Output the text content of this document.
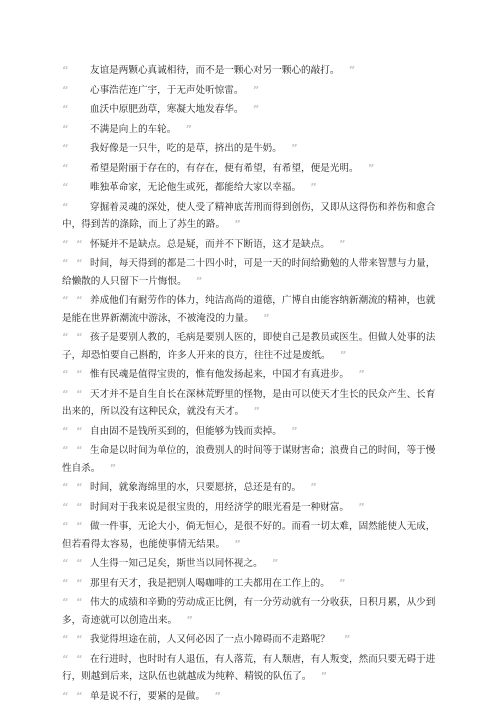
“ 友谊是两颗心真诚相待，而不是一颗心对另一颗心的敲打。 ”
“ 心事浩茫连广宇，于无声处听惊雷。 ”
“ 血沃中原肥劲草，寒凝大地发春华。 ”
“ 不满是向上的车轮。 ”
“ 我好像是一只牛，吃的是草，挤出的是牛奶。 ”
“ 希望是附丽于存在的，有存在，便有希望，有希望，便是光明。 ”
“ 唯独革命家，无论他生或死，都能给大家以幸福。 ”
“ 穿掘着灵魂的深处，使人受了精神底苦刑而得到创伤，又即从这得伤和养伤和愈合中，得到苦的涤除，而上了苏生的路。 ”
“ “ 怀疑并不是缺点。总是疑，而并不下断语，这才是缺点。 ”
“ “ 时间，每天得到的都是二十四小时，可是一天的时间给勤勉的人带来智慧与力量，给懒散的人只留下一片悔恨。 ”
“ “ 养成他们有耐劳作的体力，纯洁高尚的道德，广博自由能容纳新潮流的精神，也就是能在世界新潮流中游泳，不被淹没的力量。 ”
“ “ 孩子是要别人教的，毛病是要别人医的，即使自己是教员或医生。但做人处事的法子，却恐怕要自己斟酌，许多人开来的良方，往往不过是废纸。 ”
“ “ 惟有民魂是值得宝贵的，惟有他发扬起来，中国才有真进步。 ”
“ “ 天才并不是自生自长在深林荒野里的怪物，是由可以使天才生长的民众产生、长育出来的，所以没有这种民众，就没有天才。 ”
“ “ 自由固不是钱所买到的，但能够为钱而卖掉。 ”
“ “ 生命是以时间为单位的，浪费别人的时间等于谋财害命；浪费自己的时间，等于慢性自杀。 ”
“ “ 时间，就象海绵里的水，只要愿挤，总还是有的。 ”
“ “ 时间对于我来说是很宝贵的，用经济学的眼光看是一种财富。 ”
“ “ 做一件事，无论大小，倘无恒心，是很不好的。而看一切太难，固然能使人无成，但若看得太容易，也能使事情无结果。 ”
“ “ 人生得一知己足矣，斯世当以同怀视之。 ”
“ “ 那里有天才，我是把别人喝咖啡的工夫都用在工作上的。 ”
“ “ 伟大的成绩和辛勤的劳动成正比例，有一分劳动就有一分收获，日积月累，从少到多，奇迹就可以创造出来。 ”
“ “ 我觉得坦途在前，人又何必因了一点小障碍而不走路呢？ ”
“ “ 在行进时，也时时有人退伍，有人落荒，有人颓唐，有人叛变，然而只要无碍于进行，则越到后来，这队伍也就越成为纯粹、精锐的队伍了。 ”
“ “ 单是说不行，要紧的是做。 ”
